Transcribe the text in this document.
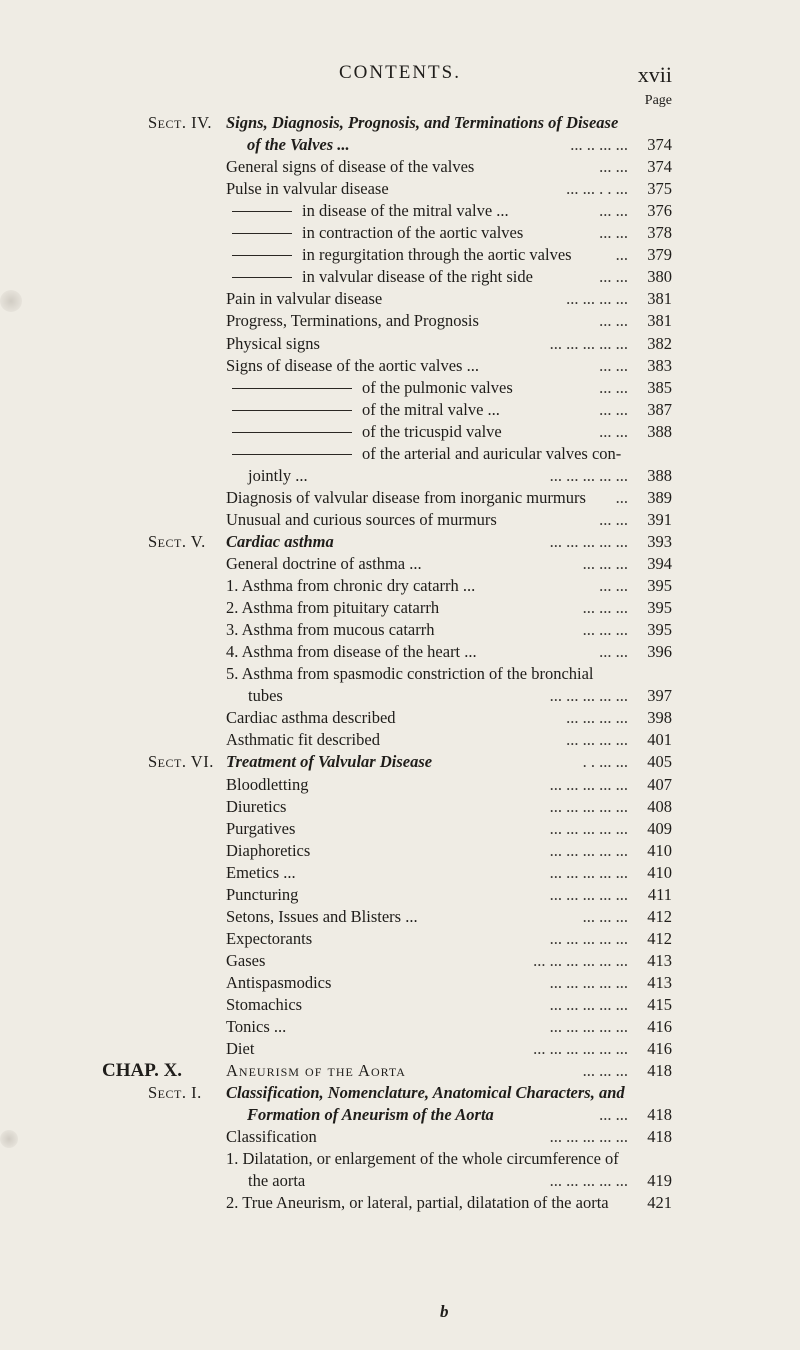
CONTENTS.	xvii
Page
Sect. IV. Signs, Diagnosis, Prognosis, and Terminations of Disease
of the Valves ...	... .. ... ...	374
General signs of disease of the valves	... ...	374
Pulse in valvular disease	... ... . . ...	375
in disease of the mitral valve ...	... ...	376
in contraction of the aortic valves	... ...	378
in regurgitation through the aortic valves	...	379
in valvular disease of the right side	... ...	380
Pain in valvular disease	... ... ... ...	381
Progress, Terminations, and Prognosis	... ...	381
Physical signs	... ... ... ... ...	382
Signs of disease of the aortic valves ...	... ...	383
of the pulmonic valves	... ...	385
of the mitral valve ...	... ...	387
of the tricuspid valve	... ...	388
of the arterial and auricular valves con-
jointly ...	... ... ... ... ...	388
Diagnosis of valvular disease from inorganic murmurs ...	389
Unusual and curious sources of murmurs	... ...	391
Sect. V. Cardiac asthma	... ... ... ... ...	393
General doctrine of asthma ...	... ... ...	394
1. Asthma from chronic dry catarrh ...	... ...	395
2. Asthma from pituitary catarrh	... ... ...	395
3. Asthma from mucous catarrh	... ... ...	395
4. Asthma from disease of the heart ...	... ...	396
5. Asthma from spasmodic constriction of the bronchial
tubes	... ... ... ... ...	397
Cardiac asthma described	... ... ... ...	398
Asthmatic fit described	... ... ... ...	401
Sect. VI. Treatment of Valvular Disease	. . ... ...	405
Bloodletting	... ... ... ... ...	407
Diuretics	... ... ... ... ...	408
Purgatives	... ... ... ... ...	409
Diaphoretics	... ... ... ... ...	410
Emetics ...	... ... ... ... ...	410
Puncturing	... ... ... ... ...	411
Setons, Issues and Blisters ...	... ... ...	412
Expectorants	... ... ... ... ...	412
Gases	... ... ... ... ... ...	413
Antispasmodics	... ... ... ... ...	413
Stomachics	... ... ... ... ...	415
Tonics ...	... ... ... ... ...	416
Diet	... ... ... ... ... ...	416
CHAP. X.	Aneurism of the Aorta	... ... ...	418
Sect. I. Classification, Nomenclature, Anatomical Characters, and
Formation of Aneurism of the Aorta	... ...	418
Classification	... ... ... ... ...	418
1. Dilatation, or enlargement of the whole circumference of
the aorta	... ... ... ... ...	419
2. True Aneurism, or lateral, partial, dilatation of the aorta	421
b
